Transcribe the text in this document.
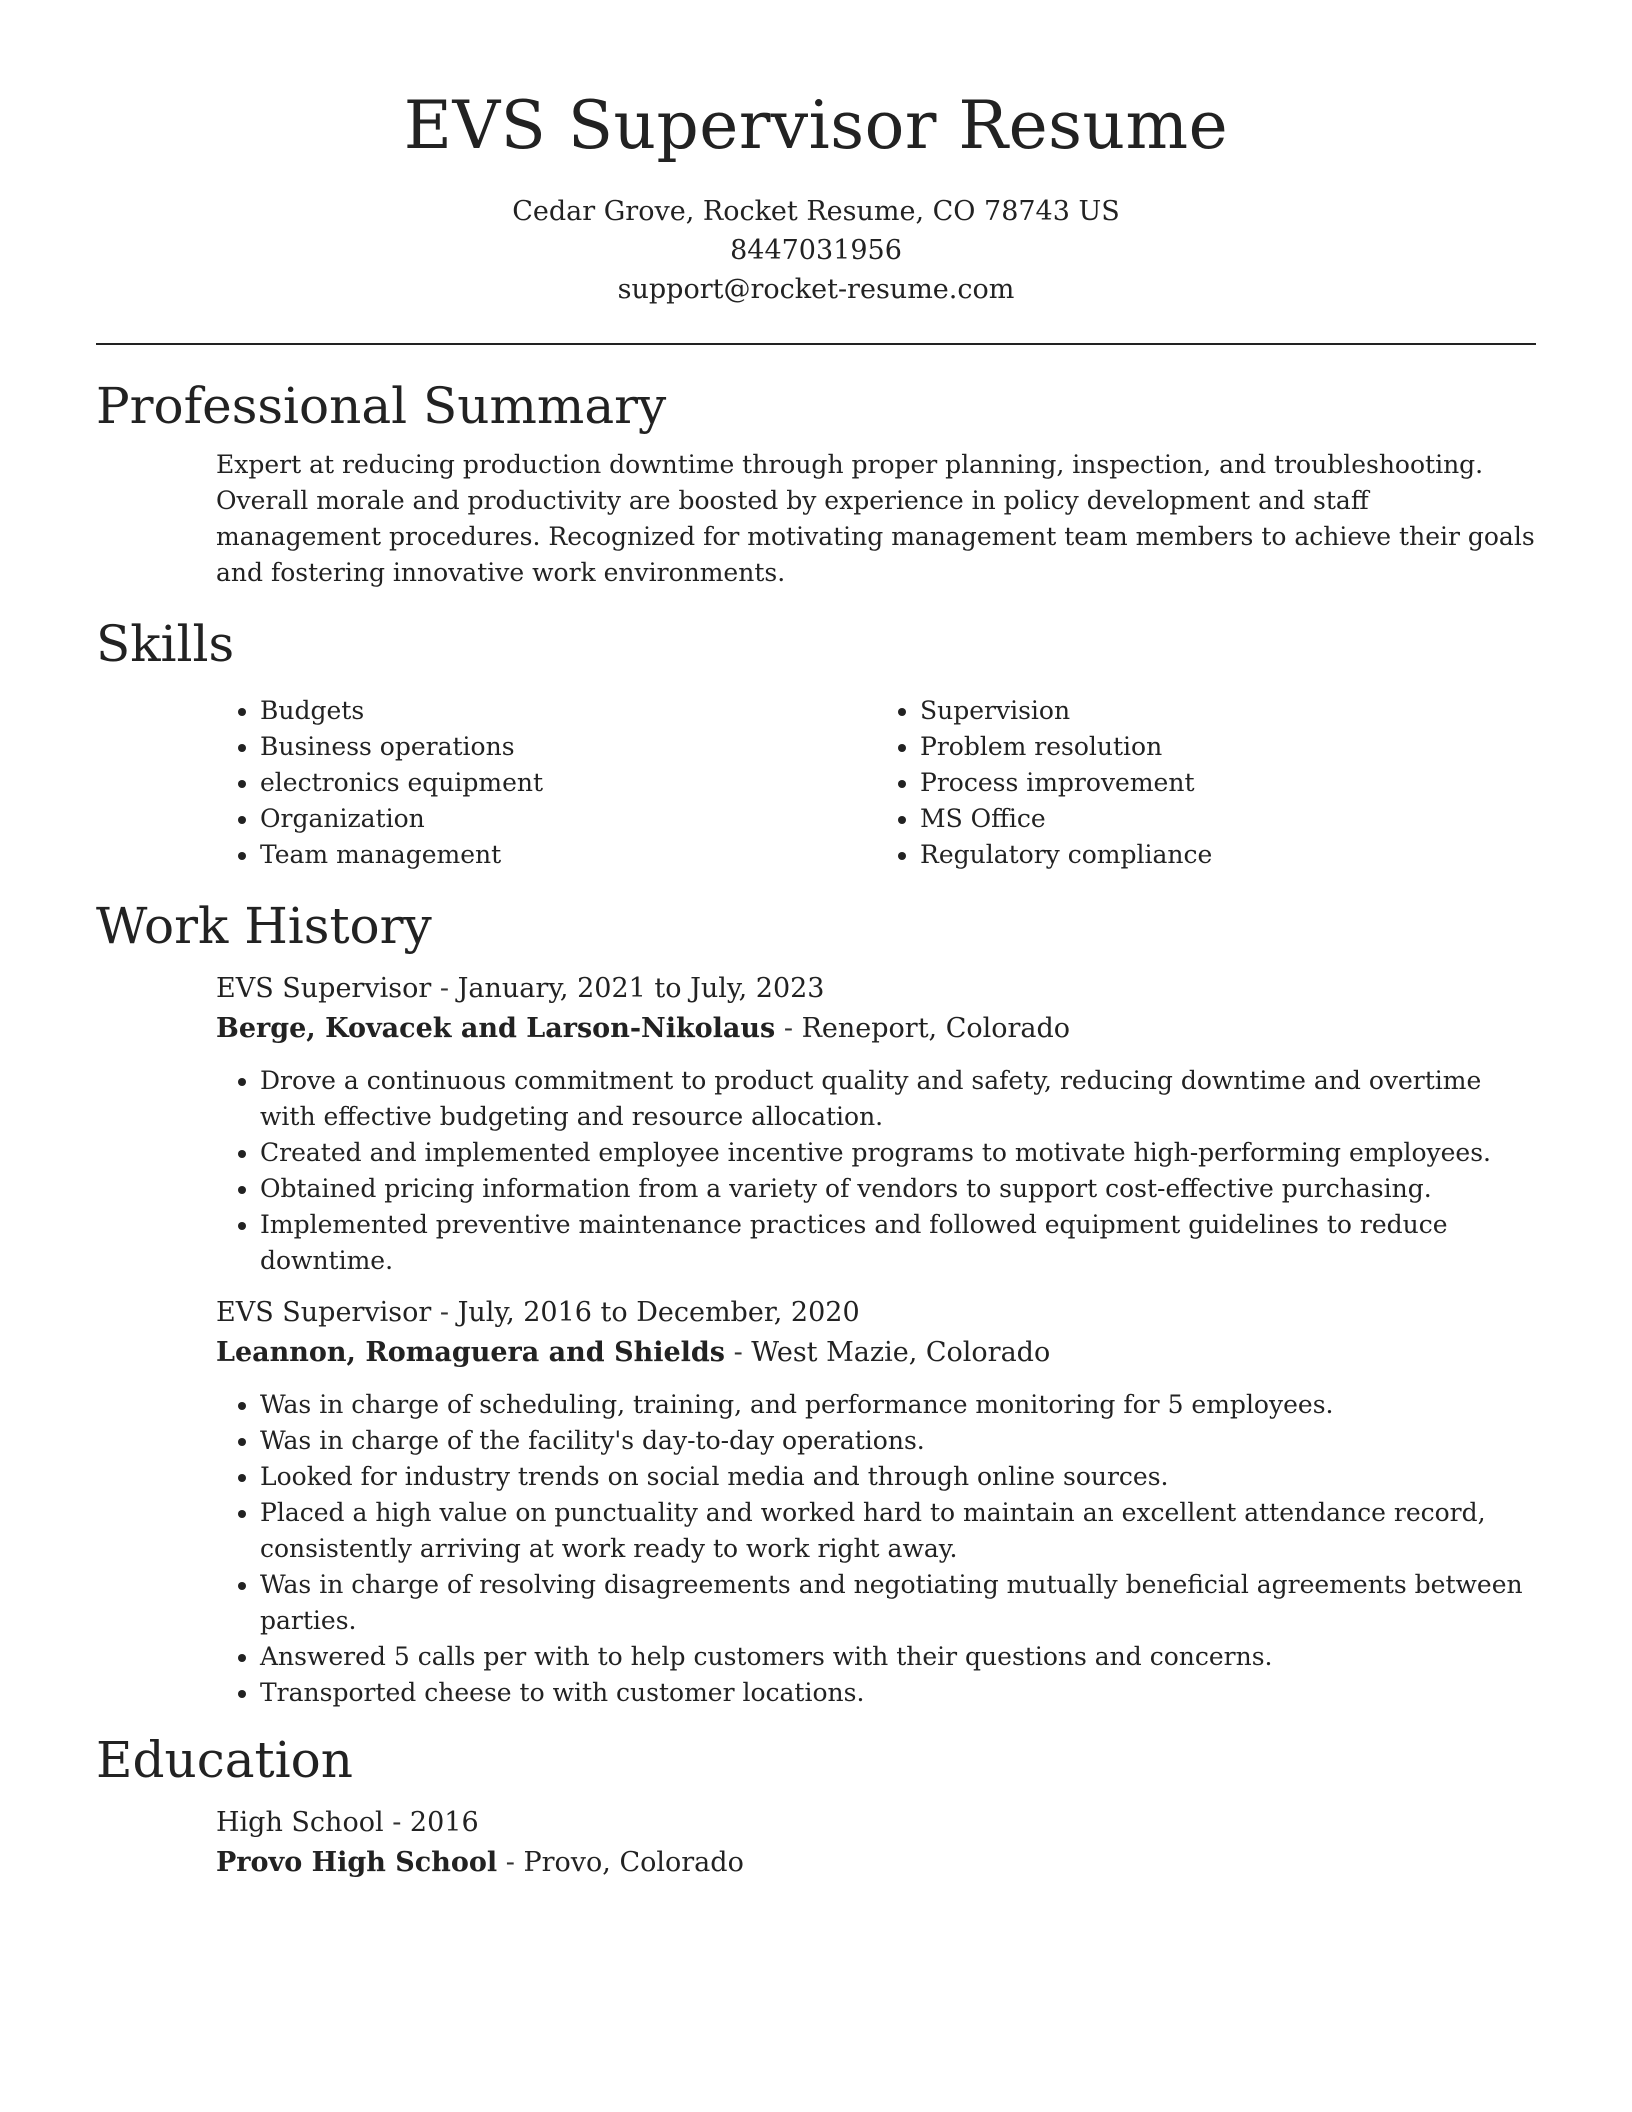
EVS Supervisor Resume
Cedar Grove, Rocket Resume, CO 78743 US
8447031956
support@rocket-resume.com
Professional Summary

Expert at reducing production downtime through proper planning, inspection, and troubleshooting. Overall morale and productivity are boosted by experience in policy development and staff management procedures. Recognized for motivating management team members to achieve their goals and fostering innovative work environments.

Skills
• Budgets
• Business operations
• electronics equipment
• Organization
• Team management
• Supervision
• Problem resolution
• Process improvement
• MS Office
• Regulatory compliance
Work History
EVS Supervisor - January, 2021 to July, 2023
Berge, Kovacek and Larson-Nikolaus - Reneport, Colorado
• Drove a continuous commitment to product quality and safety, reducing downtime and overtime with effective budgeting and resource allocation.
• Created and implemented employee incentive programs to motivate high-performing employees.
• Obtained pricing information from a variety of vendors to support cost-effective purchasing.
• Implemented preventive maintenance practices and followed equipment guidelines to reduce downtime.
EVS Supervisor - July, 2016 to December, 2020
Leannon, Romaguera and Shields - West Mazie, Colorado
• Was in charge of scheduling, training, and performance monitoring for 5 employees.
• Was in charge of the facility's day-to-day operations.
• Looked for industry trends on social media and through online sources.
• Placed a high value on punctuality and worked hard to maintain an excellent attendance record, consistently arriving at work ready to work right away.
• Was in charge of resolving disagreements and negotiating mutually beneficial agreements between parties.
• Answered 5 calls per with to help customers with their questions and concerns.
• Transported cheese to with customer locations.
Education
High School - 2016
Provo High School - Provo, Colorado
